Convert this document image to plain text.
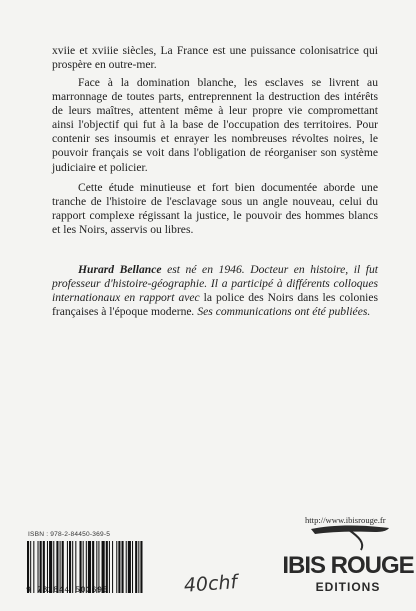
xviie et xviiie siècles, La France est une puissance colonisatrice qui prospère en outre-mer.

Face à la domination blanche, les esclaves se livrent au marronnage de toutes parts, entreprennent la destruction des intérêts de leurs maîtres, attentent même à leur propre vie compromettant ainsi l'objectif qui fut à la base de l'occupation des territoires. Pour contenir ses insoumis et enrayer les nombreuses révoltes noires, le pouvoir français se voit dans l'obligation de réorganiser son système judiciaire et policier.

Cette étude minutieuse et fort bien documentée aborde une tranche de l'histoire de l'esclavage sous un angle nouveau, celui du rapport complexe régissant la justice, le pouvoir des hommes blancs et les Noirs, asservis ou libres.

Hurard Bellance est né en 1946. Docteur en histoire, il fut professeur d'histoire-géographie. Il a participé à différents colloques internationaux en rapport avec la police des Noirs dans les colonies françaises à l'époque moderne. Ses communications ont été publiées.

http://www.ibisrouge.fr
IBIS ROUGE
EDITIONS
ISBN : 978-2-84450-369-5
9 782844 503695	40chf
